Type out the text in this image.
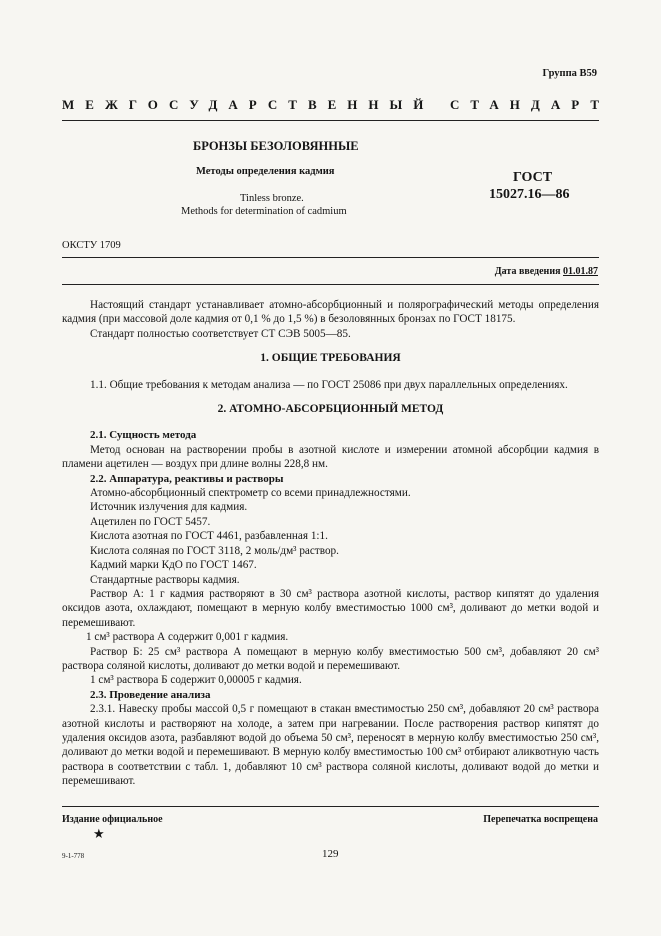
Группа В59
МЕЖГОСУДАРСТВЕННЫЙ СТАНДАРТ
БРОНЗЫ БЕЗОЛОВЯННЫЕ
Методы определения кадмия
Tinless bronze.
Methods for determination of cadmium
ГОСТ
15027.16—86
ОКСТУ 1709
Дата введения 01.01.87

Настоящий стандарт устанавливает атомно-абсорбционный и полярографический методы определения кадмия (при массовой доле кадмия от 0,1 % до 1,5 %) в безоловянных бронзах по ГОСТ 18175.

Стандарт полностью соответствует СТ СЭВ 5005—85.

1. ОБЩИЕ ТРЕБОВАНИЯ

1.1. Общие требования к методам анализа — по ГОСТ 25086 при двух параллельных определениях.

2. АТОМНО-АБСОРБЦИОННЫЙ МЕТОД
2.1. Сущность метода

Метод основан на растворении пробы в азотной кислоте и измерении атомной абсорбции кадмия в пламени ацетилен — воздух при длине волны 228,8 нм.

2.2. Аппаратура, реактивы и растворы

Атомно-абсорбционный спектрометр со всеми принадлежностями.

Источник излучения для кадмия.

Ацетилен по ГОСТ 5457.

Кислота азотная по ГОСТ 4461, разбавленная 1:1.

Кислота соляная по ГОСТ 3118, 2 моль/дм³ раствор.

Кадмий марки КдО по ГОСТ 1467.

Стандартные растворы кадмия.

Раствор А: 1 г кадмия растворяют в 30 см³ раствора азотной кислоты, раствор кипятят до удаления оксидов азота, охлаждают, помещают в мерную колбу вместимостью 1000 см³, доливают до метки водой и перемешивают.

1 см³ раствора А содержит 0,001 г кадмия.

Раствор Б: 25 см³ раствора А помещают в мерную колбу вместимостью 500 см³, добавляют 20 см³ раствора соляной кислоты, доливают до метки водой и перемешивают.

1 см³ раствора Б содержит 0,00005 г кадмия.

2.3. Проведение анализа

2.3.1. Навеску пробы массой 0,5 г помещают в стакан вместимостью 250 см³, добавляют 20 см³ раствора азотной кислоты и растворяют на холоде, а затем при нагревании. После растворения раствор кипятят до удаления оксидов азота, разбавляют водой до объема 50 см³, переносят в мерную колбу вместимостью 250 см³, доливают до метки водой и перемешивают. В мерную колбу вместимостью 100 см³ отбирают аликвотную часть раствора в соответствии с табл. 1, добавляют 10 см³ раствора соляной кислоты, доливают водой до метки и перемешивают.

Издание официальное
★
Перепечатка воспрещена
9-1-778	129
